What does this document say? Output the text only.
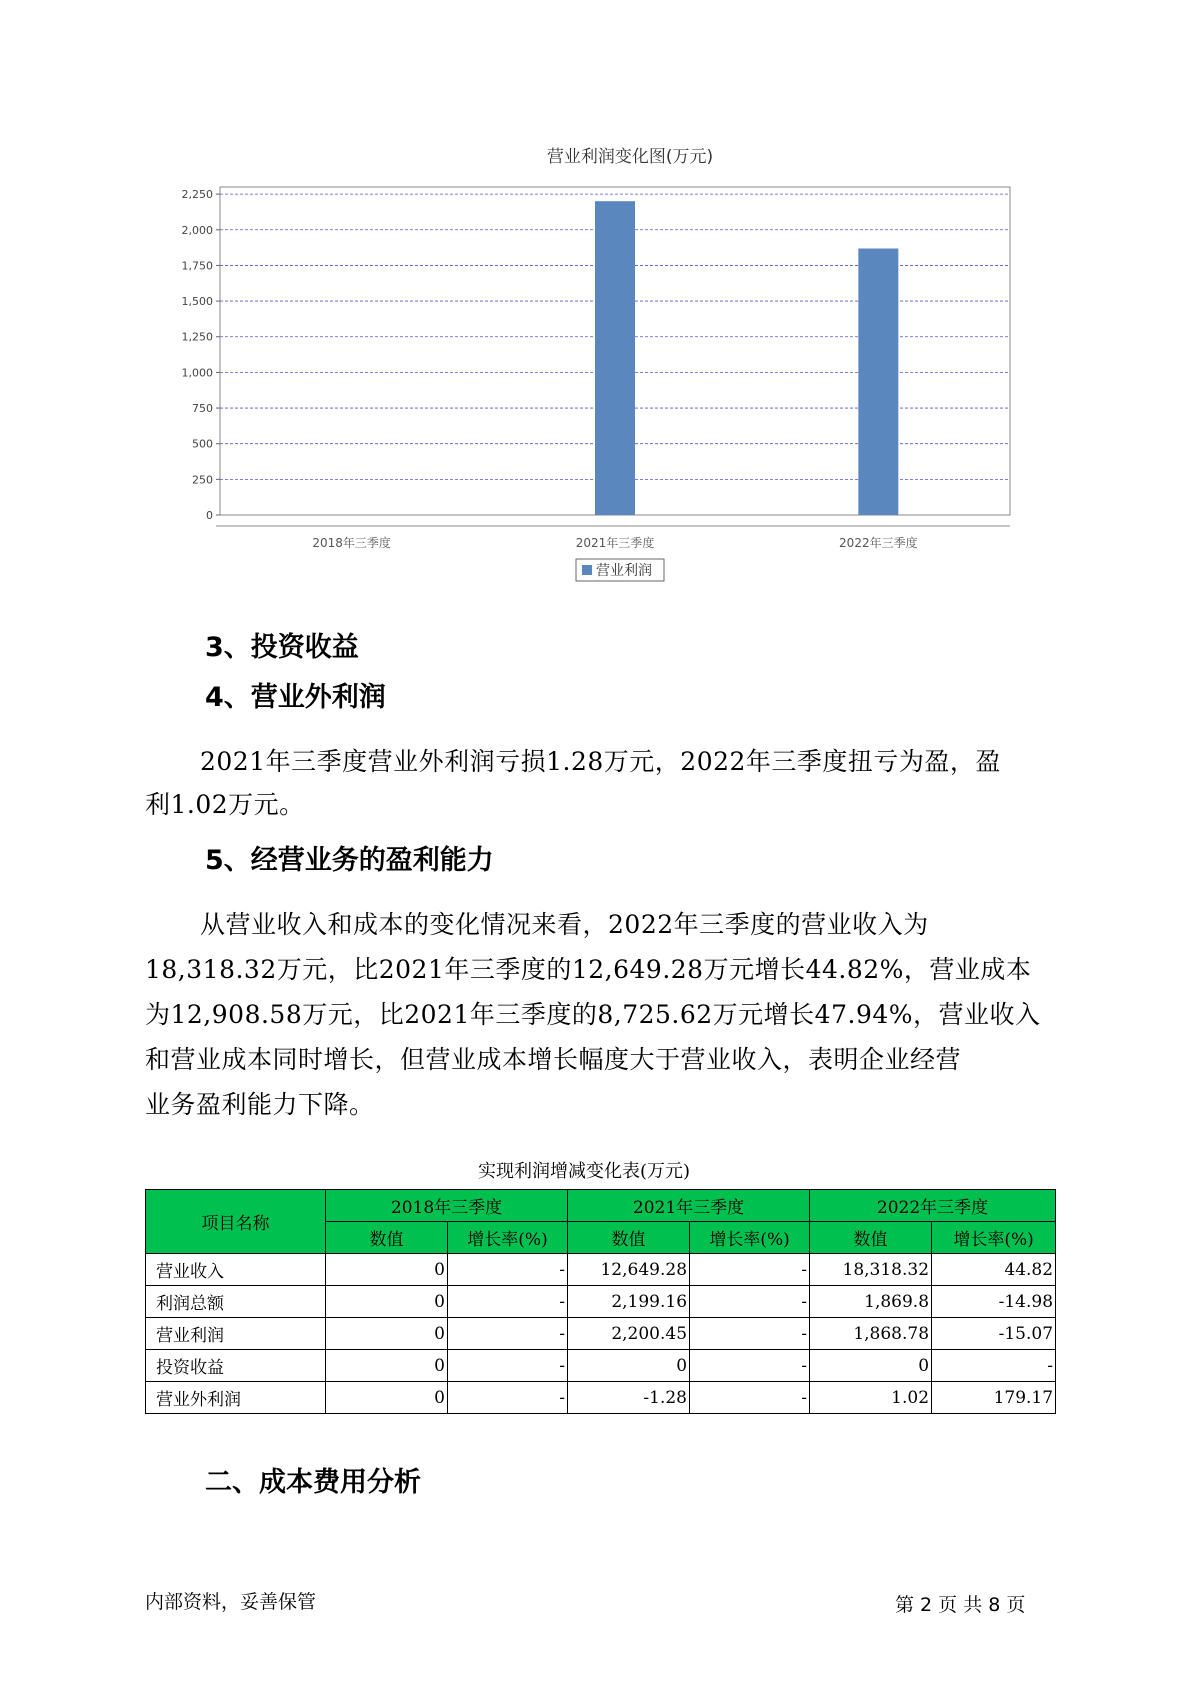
营业利润变化图(万元)
0
250
500
750
1,000
1,250
1,500
1,750
2,000
2,250
2018年三季度	2021年三季度	2022年三季度
营业利润
3、投资收益
4、营业外利润
2021年三季度营业外利润亏损1.28万元，2022年三季度扭亏为盈，盈
利1.02万元。
5、经营业务的盈利能力
从营业收入和成本的变化情况来看，2022年三季度的营业收入为
18,318.32万元，比2021年三季度的12,649.28万元增长44.82%，营业成本
为12,908.58万元，比2021年三季度的8,725.62万元增长47.94%，营业收入
和营业成本同时增长，但营业成本增长幅度大于营业收入，表明企业经营
业务盈利能力下降。
实现利润增减变化表(万元)
项目名称	2018年三季度		2021年三季度		2022年三季度	
	数值	增长率(%)	数值	增长率(%)	数值	增长率(%)
营业收入	0	-	12,649.28	-	18,318.32	44.82
利润总额	0	-	2,199.16	-	1,869.8	-14.98
营业利润	0	-	2,200.45	-	1,868.78	-15.07
投资收益	0	-	0	-	0	-
营业外利润	0	-	-1.28	-	1.02	179.17
二、成本费用分析
内部资料，妥善保管	第 2 页 共 8 页
